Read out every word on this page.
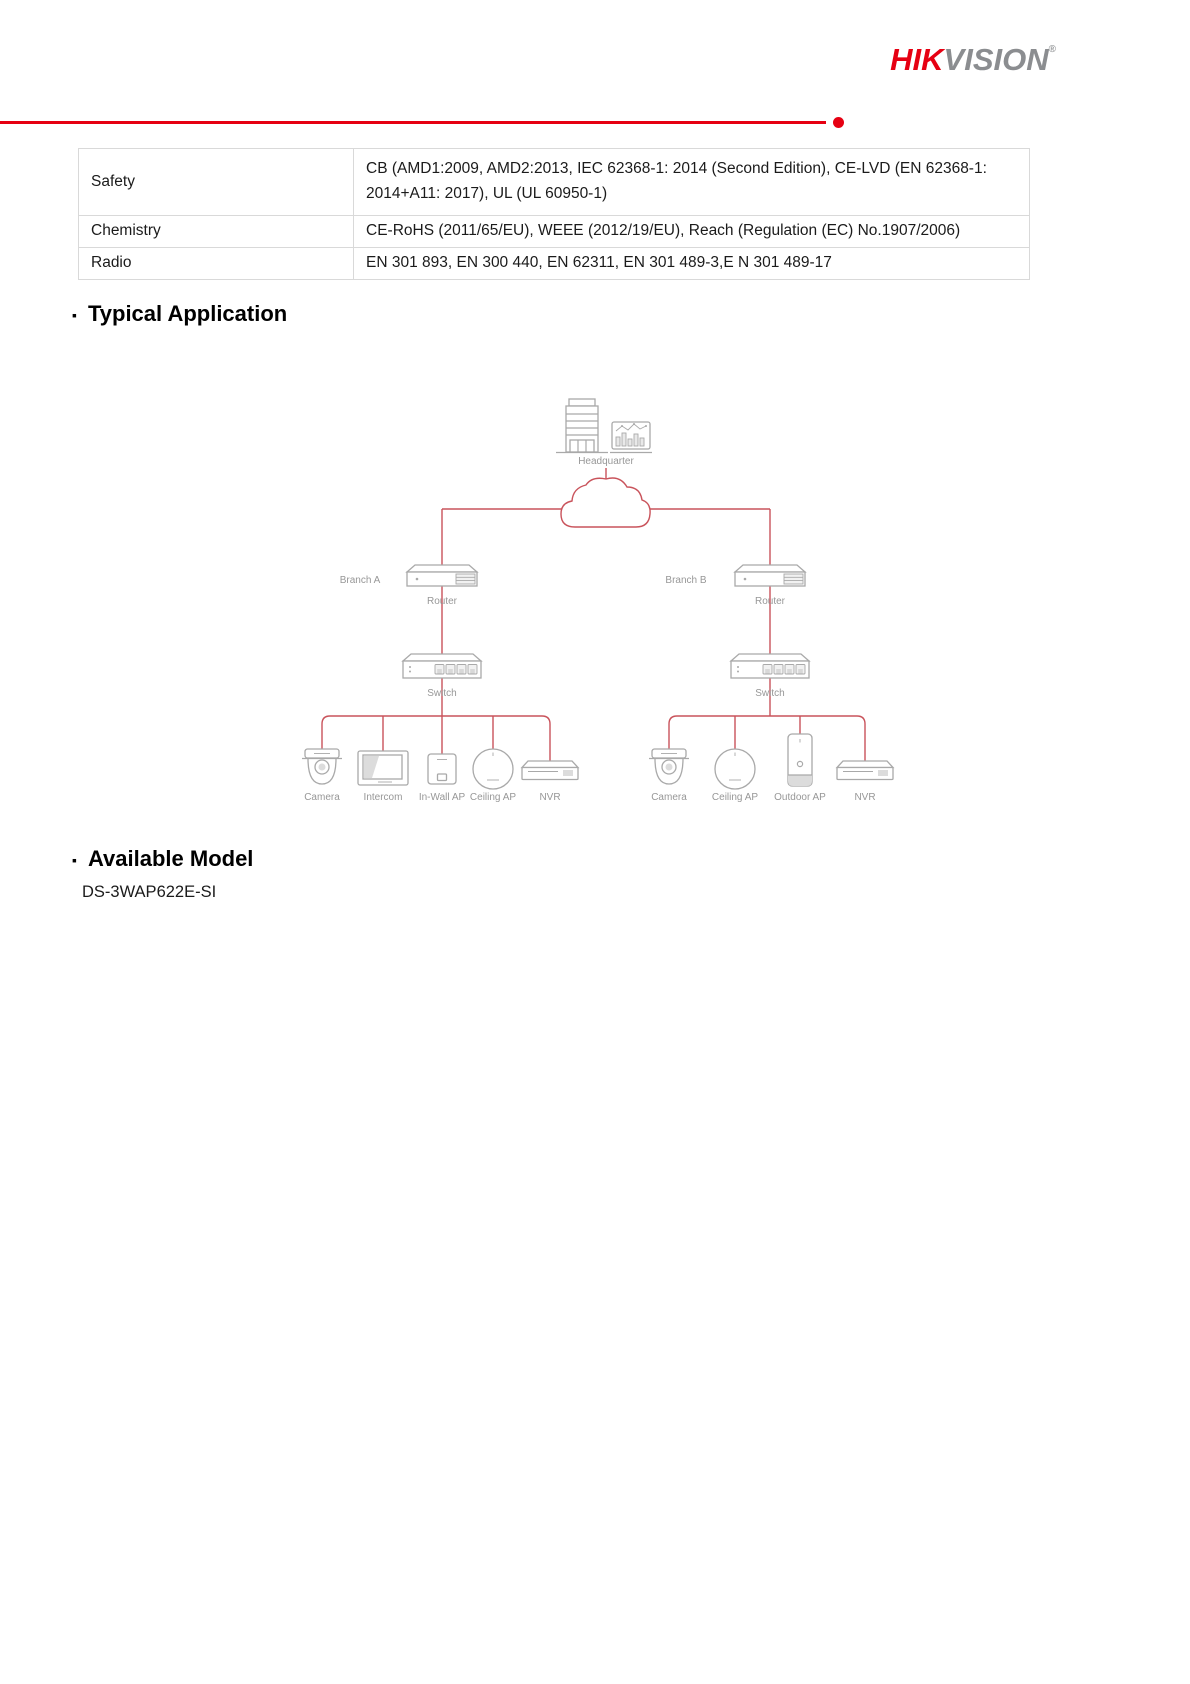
HIKVISION®
Safety	CB (AMD1:2009, AMD2:2013, IEC 62368-1: 2014 (Second Edition), CE-LVD (EN 62368-1: 2014+A11: 2017), UL (UL 60950-1)
Chemistry	CE-RoHS (2011/65/EU), WEEE (2012/19/EU), Reach (Regulation (EC) No.1907/2006)
Radio	EN 301 893, EN 300 440, EN 62311, EN 301 489-3,E N 301 489-17
▪ Typical Application
Headquarter
Branch A
Router
Switch
Camera Intercom In-Wall AP Ceiling AP NVR
Branch B
Router
Switch
Camera	Ceiling AP Outdoor AP	NVR
▪ Available Model
DS-3WAP622E-SI
